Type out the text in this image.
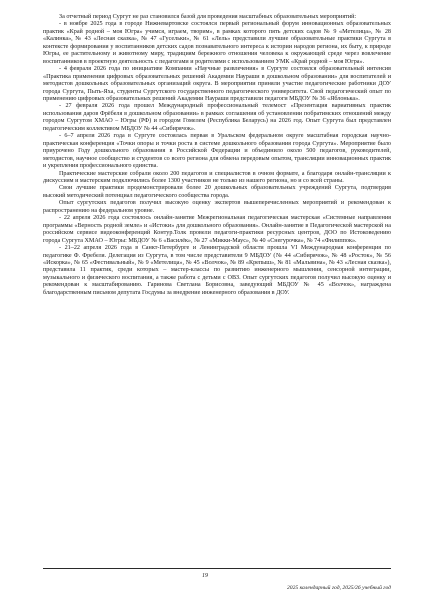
За отчетный период Сургут не раз становился базой для проведения масштабных образовательных мероприятий:

- в ноябре 2025 года в городе Нижневартовске состоялся первый региональный форум инновационных образовательных практик «Край родной – моя Югра» учимся, играем, творим», в рамках которого пять детских садов № 9 «Метелица», № 28 «Калинка», № 43 «Лесная сказка», № 47 «Гусельки», № 61 «Лель» представили лучшие образовательные практики Сургута в контексте формирования у воспитанников детских садов познавательного интереса к истории народов региона, их быту, к природе Югры, ее растительному и животному миру, традициям бережного отношения человека к окружающей среде через вовлечение воспитанников в проектную деятельность с педагогами и родителями с использованием УМК «Край родной – моя Югра».

- 4 февраля 2026 года по инициативе Компании «Научные развлечения» в Сургуте состоялся образовательный интенсив «Практика применения цифровых образовательных решений Академии Наураши в дошкольном образовании» для воспитателей и методистов дошкольных образовательных организаций округа. В мероприятии приняли участие педагогические работники ДОУ города Сургута, Пыть-Яха, студенты Сургутского государственного педагогического университета. Свой педагогический опыт по применению цифровых образовательных решений Академии Наураши представили педагоги МБДОУ № 36 «Яблонька».

- 27 февраля 2026 года прошел Международный профессиональный телемост «Презентация вариативных практик использования даров Фрёбеля в дошкольном образовании» в рамках соглашения об установлении побратимских отношений между городом Сургутом ХМАО – Югры (РФ) и городом Гомелем (Республика Беларусь) на 2026 год. Опыт Сургута был представлен педагогическим коллективом МБДОУ № 44 «Сибирячок».

- 6–7 апреля 2026 года в Сургуте состоялась первая в Уральском федеральном округе масштабная городская научно-практическая конференция «Точки опоры и точки роста в системе дошкольного образования города Сургута». Мероприятие было приурочено Году дошкольного образования в Российской Федерации и объединило около 500 педагогов, руководителей, методистов, научное сообщество и студентов со всего региона для обмена передовым опытом, трансляции инновационных практик и укрепления профессионального единства.

Практические мастерские собрали около 200 педагогов и специалистов в очном формате, а благодаря онлайн-трансляции к дискуссиям и мастерским подключились более 1300 участников не только из нашего региона, но и со всей страны.

Свои лучшие практики продемонстрировали более 20 дошкольных образовательных учреждений Сургута, подтвердив высокий методический потенциал педагогического сообщества города.

Опыт сургутских педагогов получил высокую оценку экспертов вышеперечисленных мероприятий и рекомендован к распространению на федеральном уровне.

- 22 апреля 2026 года состоялось онлайн-занятие Межрегиональная педагогическая мастерская «Системные направления программы «Верность родной земле» и «Истоки» для дошкольного образования». Онлайн-занятие в Педагогической мастерской на российском сервисе видеоконференций Контур.Толк провели педагоги-практики ресурсных центров, ДОО по Истоковедению города Сургута ХМАО – Югры: МБДОУ № 6 «Василёк», № 27 «Микки-Маус», № 40 «Снегурочка», № 74 «Филиппок».

- 21–22 апреля 2026 года в Санкт-Петербурге и Ленинградской области прошла VI Международная конференция по педагогике Ф. Фребеля. Делегация из Сургута, в том числе представители 9 МБДОУ (№ 44 «Сибирячок», № 48 «Росток», № 56 «Искорка», № 65 «Фестивальный», № 9 «Метелица», № 45 «Волчок», № 89 «Крепыш», № 81 «Мальвина», № 43 «Лесная сказка»), представила 11 практик, среди которых – мастер-классы по развитию инженерного мышления, сенсорной интеграции, музыкального и физического воспитания, а также работа с детьми с ОВЗ. Опыт сургутских педагогов получил высокую оценку и рекомендован к масштабированию. Гаринова Светлана Борисовна, заведующий МБДОУ № 45 «Волчок», награждена благодарственным письмом депутата Госдумы за внедрение инженерного образования в ДОУ.

19
2025 календарный год, 2025/26 учебный год
